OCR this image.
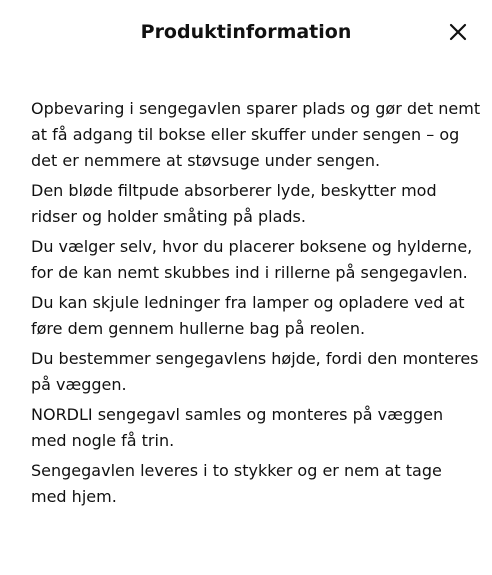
Produktinformation

Opbevaring i sengegavlen sparer plads og gør det nemt at få adgang til bokse eller skuffer under sengen – og det er nemmere at støvsuge under sengen.

Den bløde filtpude absorberer lyde, beskytter mod ridser og holder småting på plads.

Du vælger selv, hvor du placerer boksene og hylderne, for de kan nemt skubbes ind i rillerne på sengegavlen.

Du kan skjule ledninger fra lamper og opladere ved at føre dem gennem hullerne bag på reolen.

Du bestemmer sengegavlens højde, fordi den monteres på væggen.

NORDLI sengegavl samles og monteres på væggen med nogle få trin.

Sengegavlen leveres i to stykker og er nem at tage med hjem.
